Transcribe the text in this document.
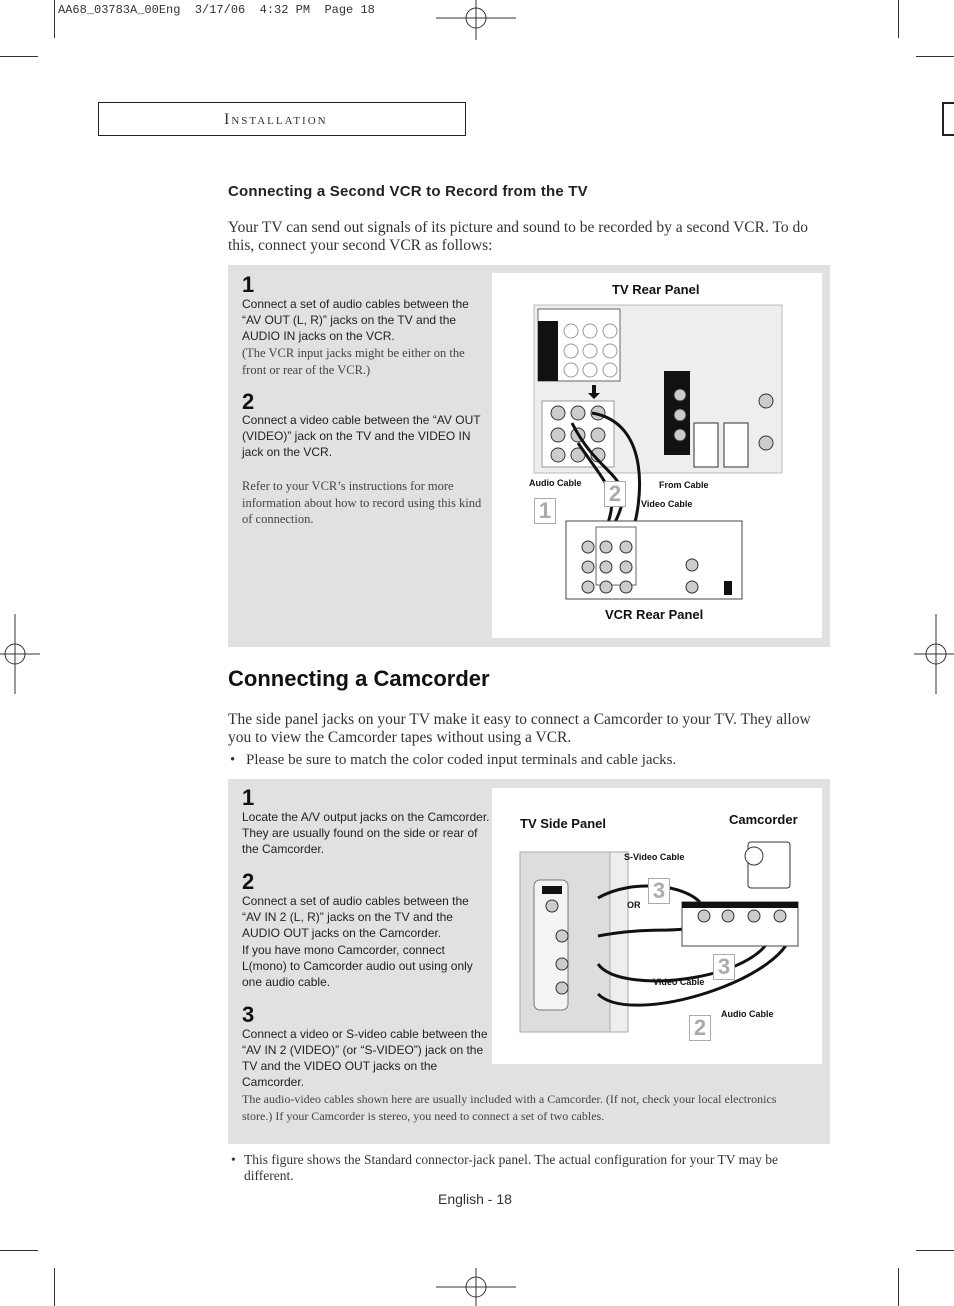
AA68_03783A_00Eng  3/17/06  4:32 PM  Page 18
Installation
Connecting a Second VCR to Record from the TV
Your TV can send out signals of its picture and sound to be recorded by a second VCR. To do this, connect your second VCR as follows:
1
Connect a set of audio cables between the “AV OUT (L, R)” jacks on the TV and the AUDIO IN jacks on the VCR.
(The VCR input jacks might be either on the front or rear of the VCR.)
2
Connect a video cable between the “AV OUT (VIDEO)” jack on the TV and the VIDEO IN jack on the VCR.
Refer to your VCR’s instructions for more information about how to record using this kind of connection.
TV Rear Panel
Audio Cable	From Cable
Video Cable
2
1
VCR Rear Panel
Connecting a Camcorder
The side panel jacks on your TV make it easy to connect a Camcorder to your TV. They allow you to view the Camcorder tapes without using a VCR.
• Please be sure to match the color coded input terminals and cable jacks.
1
Locate the A/V output jacks on the Camcorder. They are usually found on the side or rear of the Camcorder.
2
Connect a set of audio cables between the “AV IN 2 (L, R)” jacks on the TV and the AUDIO OUT jacks on the Camcorder.
If you have mono Camcorder, connect L(mono) to Camcorder audio out using only one audio cable.
3
Connect a video or S-video cable between the “AV IN 2 (VIDEO)” (or “S-VIDEO”) jack on the TV and the VIDEO OUT jacks on the Camcorder.
The audio-video cables shown here are usually included with a Camcorder. (If not, check your local electronics store.) If your Camcorder is stereo, you need to connect a set of two cables.
TV Side Panel	Camcorder
S-Video Cable
OR
Video Cable
Audio Cable
3
3
2
• This figure shows the Standard connector-jack panel. The actual configuration for your TV may be different.
English - 18
